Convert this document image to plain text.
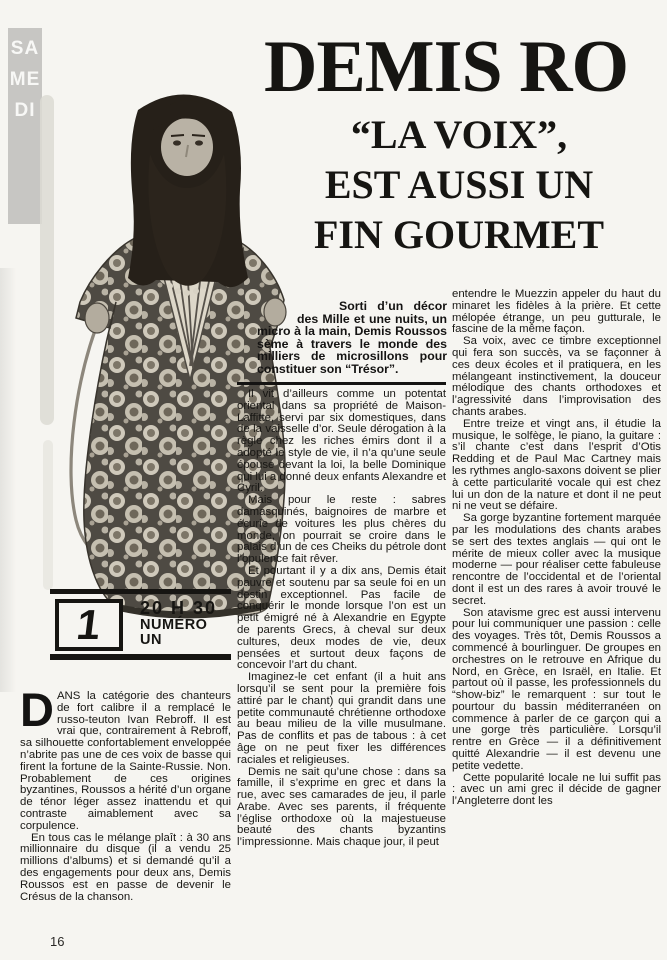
SAMEDI
DEMIS RO
“LA VOIX”,
EST AUSSI UN
FIN GOURMET

Sorti d’un décor des Mille et une nuits, un micro à la main, Demis Roussos sème à travers le monde des milliers de microsillons pour constituer son “Trésor”.

Il vit d’ailleurs comme un potentat oriental dans sa propriété de Maison-Laffitte, servi par six domestiques, dans de la vaisselle d’or. Seule dérogation à la règle chez les riches émirs dont il a adopté le style de vie, il n’a qu’une seule épouse devant la loi, la belle Dominique qui lui a donné deux enfants Alexandre et Cyril.

Mais pour le reste : sabres damasquinés, baignoires de marbre et écurie de voitures les plus chères du monde, on pourrait se croire dans le palais d’un de ces Cheiks du pétrole dont l’opulence fait rêver.

Et pourtant il y a dix ans, Demis était pauvre et soutenu par sa seule foi en un destin exceptionnel. Pas facile de conquérir le monde lorsque l’on est un petit émigré né à Alexandrie en Egypte de parents Grecs, à cheval sur deux cultures, deux modes de vie, deux pensées et surtout deux façons de concevoir l’art du chant.

Imaginez-le cet enfant (il a huit ans lorsqu’il se sent pour la première fois attiré par le chant) qui grandit dans une petite communauté chrétienne orthodoxe au beau milieu de la ville musulmane. Pas de conflits et pas de tabous : à cet âge on ne peut fixer les différences raciales et religieuses.

Demis ne sait qu’une chose : dans sa famille, il s’exprime en grec et dans la rue, avec ses camarades de jeu, il parle Arabe. Avec ses parents, il fréquente l’église orthodoxe où la majestueuse beauté des chants byzantins l’impressionne. Mais chaque jour, il peut

entendre le Muezzin appeler du haut du minaret les fidèles à la prière. Et cette mélopée étrange, un peu gutturale, le fascine de la même façon.

Sa voix, avec ce timbre exceptionnel qui fera son succès, va se façonner à ces deux écoles et il pratiquera, en les mélangeant instinctivement, la douceur mélodique des chants orthodoxes et l’agressivité dans l’improvisation des chants arabes.

Entre treize et vingt ans, il étudie la musique, le solfège, le piano, la guitare : s’il chante c’est dans l’esprit d’Otis Redding et de Paul Mac Cartney mais les rythmes anglo-saxons doivent se plier à cette particularité vocale qui est chez lui un don de la nature et dont il ne peut ni ne veut se défaire.

Sa gorge byzantine fortement marquée par les modulations des chants arabes se sert des textes anglais — qui ont le mérite de mieux coller avec la musique moderne — pour réaliser cette fabuleuse rencontre de l’occidental et de l’oriental dont il est un des rares à avoir trouvé le secret.

Son atavisme grec est aussi intervenu pour lui communiquer une passion : celle des voyages. Très tôt, Demis Roussos a commencé à bourlinguer. De groupes en orchestres on le retrouve en Afrique du Nord, en Grèce, en Israël, en Italie. Et partout où il passe, les professionnels du “show-biz” le remarquent : sur tout le pourtour du bassin méditerranéen on commence à parler de ce garçon qui a une gorge très particulière. Lorsqu’il rentre en Grèce — il a définitivement quitté Alexandrie — il est devenu une petite vedette.

Cette popularité locale ne lui suffit pas : avec un ami grec il décide de gagner l’Angleterre dont les

1 20 H 30
NUMÉRO UN

DANS la catégorie des chanteurs de fort calibre il a remplacé le russo-teuton Ivan Rebroff. Il est vrai que, contrairement à Rebroff, sa silhouette confortablement enveloppée n’abrite pas une de ces voix de basse qui firent la fortune de la Sainte-Russie. Non. Probablement de ces origines byzantines, Roussos a hérité d’un organe de ténor léger assez inattendu et qui contraste aimablement avec sa corpulence.

En tous cas le mélange plaît : à 30 ans millionnaire du disque (il a vendu 25 millions d’albums) et si demandé qu’il a des engagements pour deux ans, Demis Roussos est en passe de devenir le Crésus de la chanson.

16
